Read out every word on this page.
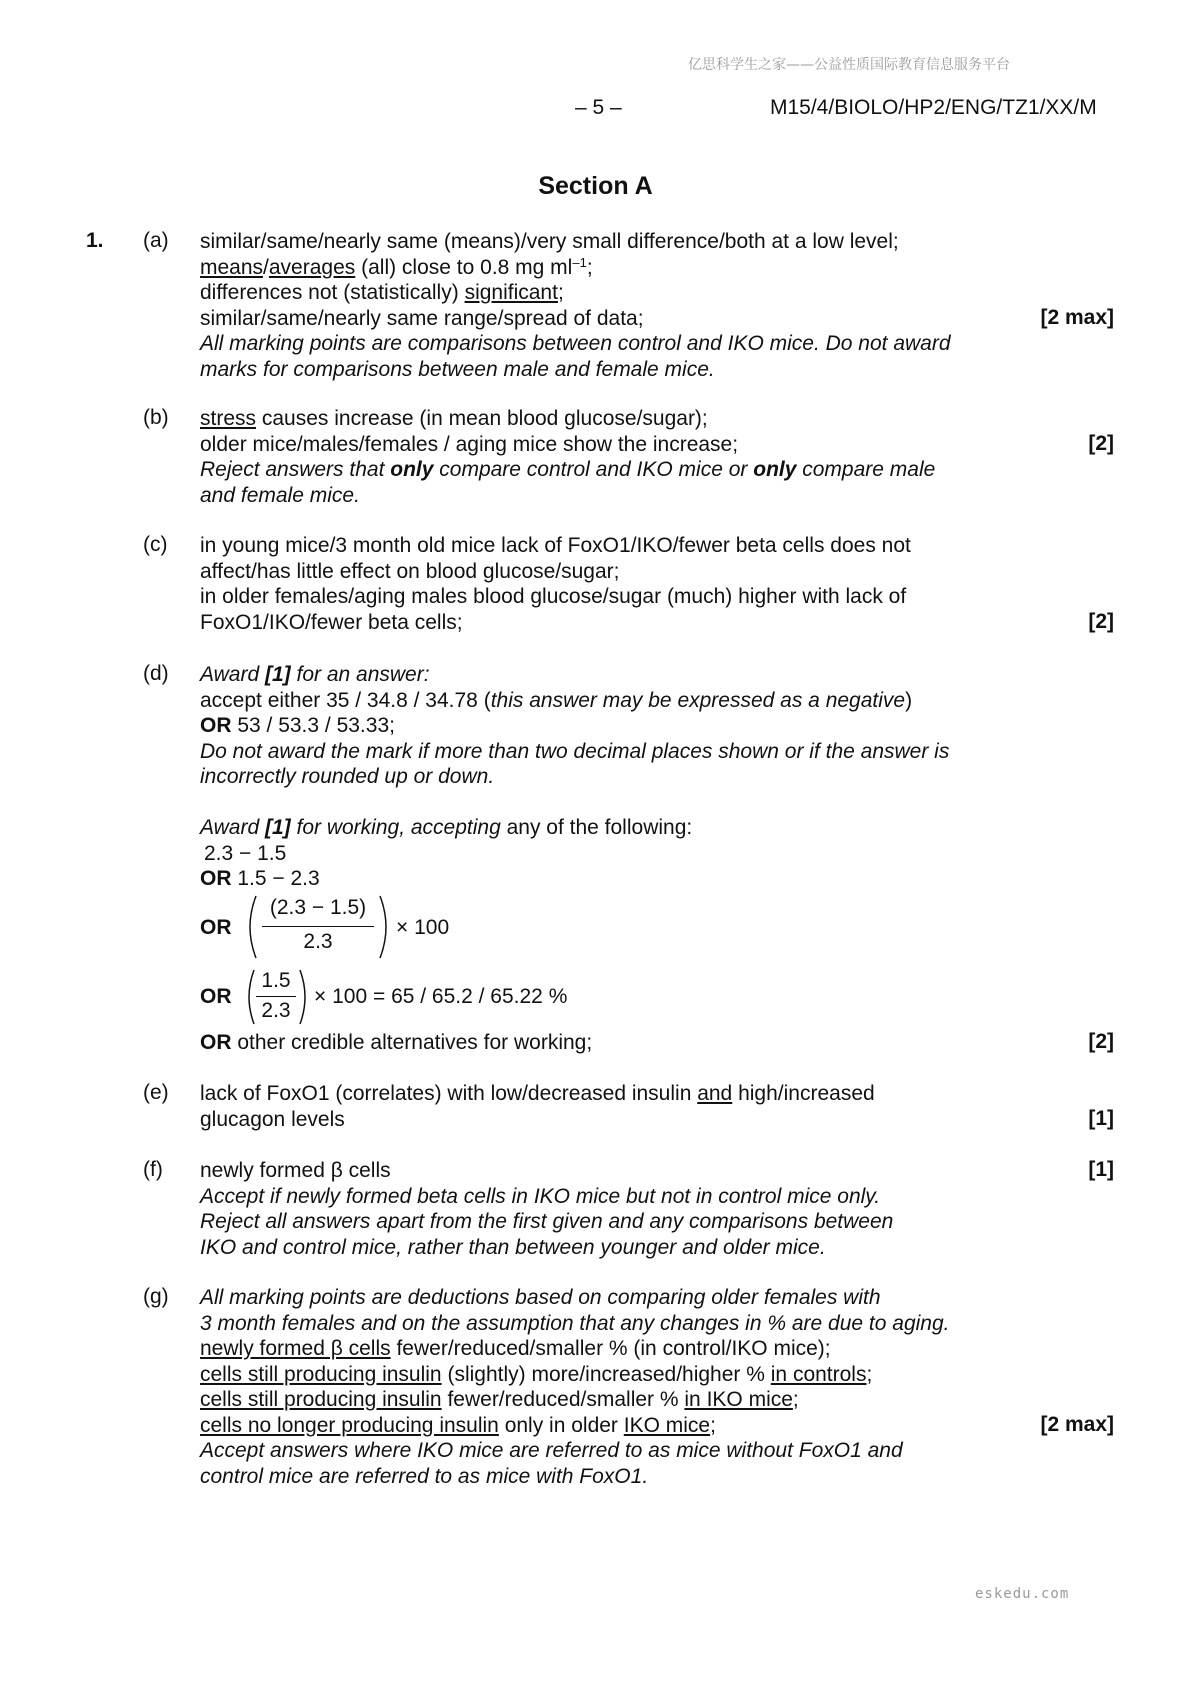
亿思科学生之家——公益性质国际教育信息服务平台
– 5 –	M15/4/BIOLO/HP2/ENG/TZ1/XX/M
Section A
1. (a) similar/same/nearly same (means)/very small difference/both at a low level;
means/averages (all) close to 0.8 mg $ml^{-1}$;
differences not (statistically) significant;
similar/same/nearly same range/spread of data;
All marking points are comparisons between control and IKO mice. Do not award
marks for comparisons between male and female mice.
[2 max]
(b) stress causes increase (in mean blood glucose/sugar);
older mice/males/females / aging mice show the increase;
Reject answers that only compare control and IKO mice or only compare male
and female mice.
[2]
(c) in young mice/3 month old mice lack of FoxO1/IKO/fewer beta cells does not
affect/has little effect on blood glucose/sugar;
in older females/aging males blood glucose/sugar (much) higher with lack of
FoxO1/IKO/fewer beta cells;	[2]
(d) Award [1] for an answer:
accept either 35 / 34.8 / 34.78 (this answer may be expressed as a negative)
OR 53 / 53.3 / 53.33;
Do not award the mark if more than two decimal places shown or if the answer is
incorrectly rounded up or down.
Award [1] for working, accepting any of the following:
2.3 − 1.5
OR 1.5 − 2.3
OR
(2.3 − 1.5)
2.3
× 100
OR
1.5
2.3
× 100 = 65 / 65.2 / 65.22 %
OR other credible alternatives for working;	[2]
(e) lack of FoxO1 (correlates) with low/decreased insulin and high/increased
glucagon levels	[1]
(f) newly formed β cells
Accept if newly formed beta cells in IKO mice but not in control mice only.
Reject all answers apart from the first given and any comparisons between
IKO and control mice, rather than between younger and older mice.
[1]
(g) All marking points are deductions based on comparing older females with
3 month females and on the assumption that any changes in % are due to aging.
newly formed β cells fewer/reduced/smaller % (in control/IKO mice);
cells still producing insulin (slightly) more/increased/higher % in controls;
cells still producing insulin fewer/reduced/smaller % in IKO mice;
cells no longer producing insulin only in older IKO mice;
Accept answers where IKO mice are referred to as mice without FoxO1 and
control mice are referred to as mice with FoxO1.
[2 max]
eskedu.com
